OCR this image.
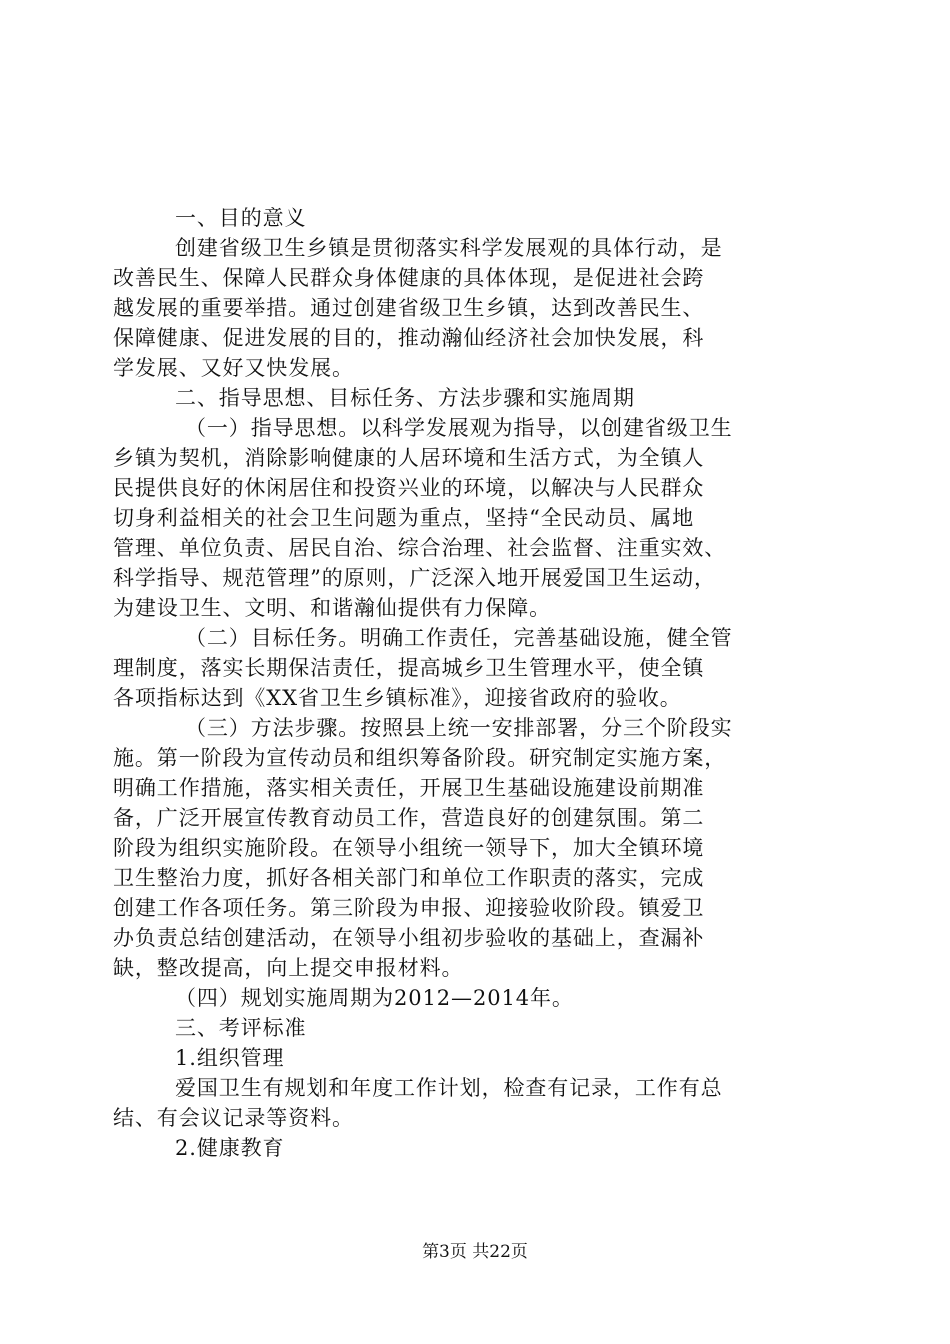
一、目的意义
创建省级卫生乡镇是贯彻落实科学发展观的具体行动，是
改善民生、保障人民群众身体健康的具体体现，是促进社会跨
越发展的重要举措。通过创建省级卫生乡镇，达到改善民生、
保障健康、促进发展的目的，推动瀚仙经济社会加快发展，科
学发展、又好又快发展。
二、指导思想、目标任务、方法步骤和实施周期
（一）指导思想。以科学发展观为指导，以创建省级卫生
乡镇为契机，消除影响健康的人居环境和生活方式，为全镇人
民提供良好的休闲居住和投资兴业的环境，以解决与人民群众
切身利益相关的社会卫生问题为重点，坚持“全民动员、属地
管理、单位负责、居民自治、综合治理、社会监督、注重实效、
科学指导、规范管理”的原则，广泛深入地开展爱国卫生运动，
为建设卫生、文明、和谐瀚仙提供有力保障。
（二）目标任务。明确工作责任，完善基础设施，健全管
理制度，落实长期保洁责任，提高城乡卫生管理水平，使全镇
各项指标达到《XX省卫生乡镇标准》，迎接省政府的验收。
（三）方法步骤。按照县上统一安排部署，分三个阶段实
施。第一阶段为宣传动员和组织筹备阶段。研究制定实施方案，
明确工作措施，落实相关责任，开展卫生基础设施建设前期准
备，广泛开展宣传教育动员工作，营造良好的创建氛围。第二
阶段为组织实施阶段。在领导小组统一领导下，加大全镇环境
卫生整治力度，抓好各相关部门和单位工作职责的落实，完成
创建工作各项任务。第三阶段为申报、迎接验收阶段。镇爱卫
办负责总结创建活动，在领导小组初步验收的基础上，查漏补
缺，整改提高，向上提交申报材料。
（四）规划实施周期为2012—2014年。
三、考评标准
1.组织管理
爱国卫生有规划和年度工作计划，检查有记录，工作有总
结、有会议记录等资料。
2.健康教育
第3页 共22页
